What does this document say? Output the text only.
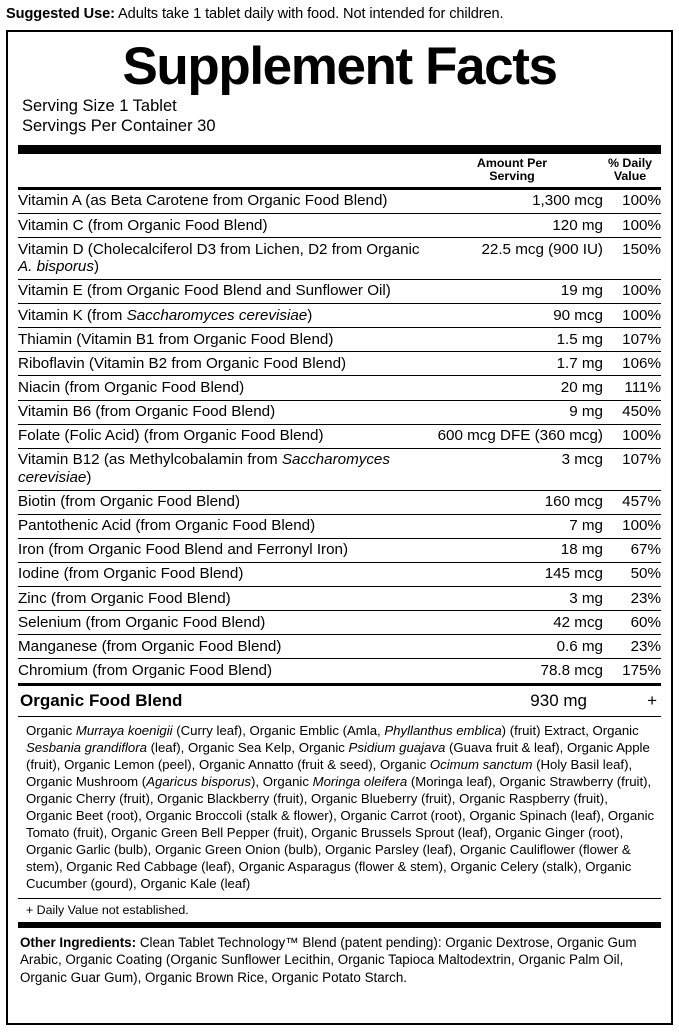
Suggested Use: Adults take 1 tablet daily with food. Not intended for children.
Supplement Facts
Serving Size 1 Tablet
Servings Per Container 30
Amount Per
Serving
% Daily
Value
Vitamin A (as Beta Carotene from Organic Food Blend)	1,300 mcg	100%
Vitamin C (from Organic Food Blend)	120 mg	100%
Vitamin D (Cholecalciferol D3 from Lichen, D2 from Organic A. bisporus)	22.5 mcg (900 IU)	150%
Vitamin E (from Organic Food Blend and Sunflower Oil)	19 mg	100%
Vitamin K (from Saccharomyces cerevisiae)	90 mcg	100%
Thiamin (Vitamin B1 from Organic Food Blend)	1.5 mg	107%
Riboflavin (Vitamin B2 from Organic Food Blend)	1.7 mg	106%
Niacin (from Organic Food Blend)	20 mg	111%
Vitamin B6 (from Organic Food Blend)	9 mg	450%
Folate (Folic Acid) (from Organic Food Blend)	600 mcg DFE (360 mcg)	100%
Vitamin B12 (as Methylcobalamin from Saccharomyces cerevisiae)	3 mcg	107%
Biotin (from Organic Food Blend)	160 mcg	457%
Pantothenic Acid (from Organic Food Blend)	7 mg	100%
Iron (from Organic Food Blend and Ferronyl Iron)	18 mg	67%
Iodine (from Organic Food Blend)	145 mcg	50%
Zinc (from Organic Food Blend)	3 mg	23%
Selenium (from Organic Food Blend)	42 mcg	60%
Manganese (from Organic Food Blend)	0.6 mg	23%
Chromium (from Organic Food Blend)	78.8 mcg	175%
Organic Food Blend	930 mg	+
Organic Murraya koenigii (Curry leaf), Organic Emblic (Amla, Phyllanthus emblica) (fruit) Extract, Organic Sesbania grandiflora (leaf), Organic Sea Kelp, Organic Psidium guajava (Guava fruit & leaf), Organic Apple (fruit), Organic Lemon (peel), Organic Annatto (fruit & seed), Organic Ocimum sanctum (Holy Basil leaf), Organic Mushroom (Agaricus bisporus), Organic Moringa oleifera (Moringa leaf), Organic Strawberry (fruit), Organic Cherry (fruit), Organic Blackberry (fruit), Organic Blueberry (fruit), Organic Raspberry (fruit), Organic Beet (root), Organic Broccoli (stalk & flower), Organic Carrot (root), Organic Spinach (leaf), Organic Tomato (fruit), Organic Green Bell Pepper (fruit), Organic Brussels Sprout (leaf), Organic Ginger (root), Organic Garlic (bulb), Organic Green Onion (bulb), Organic Parsley (leaf), Organic Cauliflower (flower & stem), Organic Red Cabbage (leaf), Organic Asparagus (flower & stem), Organic Celery (stalk), Organic Cucumber (gourd), Organic Kale (leaf)
+ Daily Value not established.
Other Ingredients: Clean Tablet Technology™ Blend (patent pending): Organic Dextrose, Organic Gum Arabic, Organic Coating (Organic Sunflower Lecithin, Organic Tapioca Maltodextrin, Organic Palm Oil, Organic Guar Gum), Organic Brown Rice, Organic Potato Starch.
